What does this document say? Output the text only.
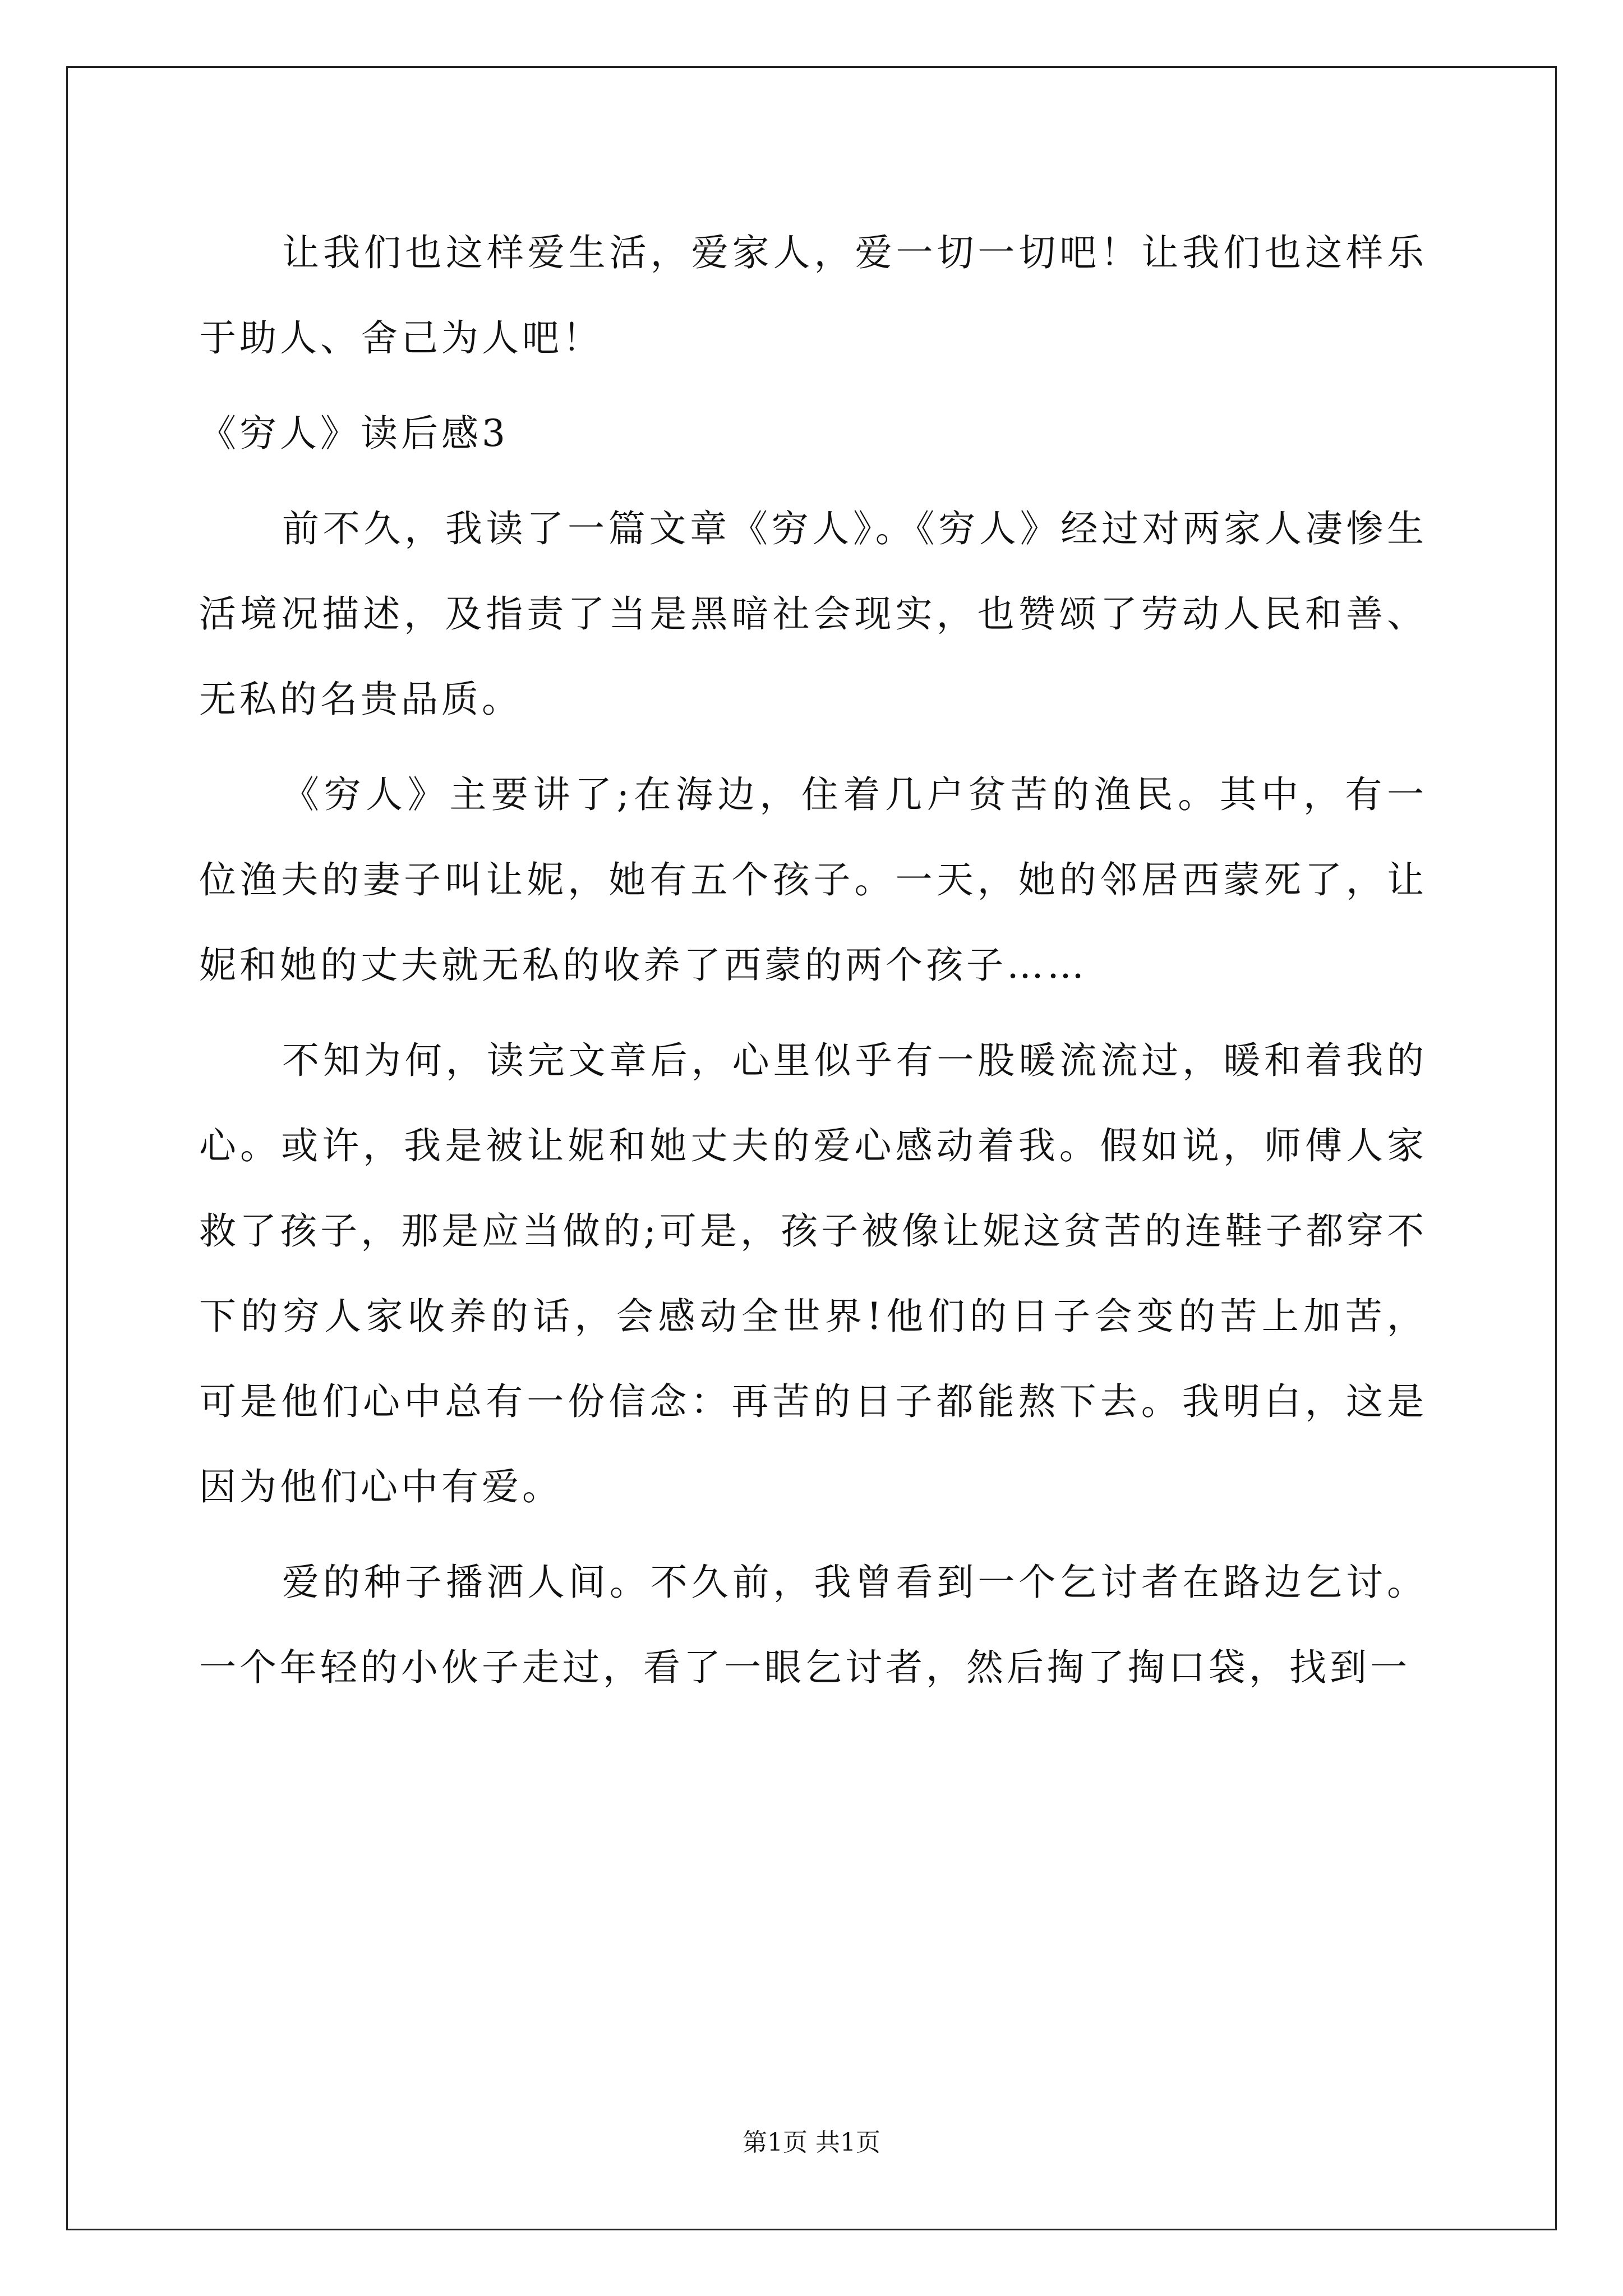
让我们也这样爱生活，爱家人，爱一切一切吧！让我们也这样乐于助人、舍己为人吧！

《穷人》读后感3

前不久，我读了一篇文章《穷人》。《穷人》经过对两家人凄惨生活境况描述，及指责了当是黑暗社会现实，也赞颂了劳动人民和善、无私的名贵品质。

《穷人》主要讲了;在海边，住着几户贫苦的渔民。其中，有一位渔夫的妻子叫让妮，她有五个孩子。一天，她的邻居西蒙死了，让妮和她的丈夫就无私的收养了西蒙的两个孩子……

不知为何，读完文章后，心里似乎有一股暖流流过，暖和着我的心。或许，我是被让妮和她丈夫的爱心感动着我。假如说，师傅人家救了孩子，那是应当做的;可是，孩子被像让妮这贫苦的连鞋子都穿不下的穷人家收养的话，会感动全世界!他们的日子会变的苦上加苦，可是他们心中总有一份信念：再苦的日子都能熬下去。我明白，这是因为他们心中有爱。

爱的种子播洒人间。不久前，我曾看到一个乞讨者在路边乞讨。一个年轻的小伙子走过，看了一眼乞讨者，然后掏了掏口袋，找到一

第1页 共1页
